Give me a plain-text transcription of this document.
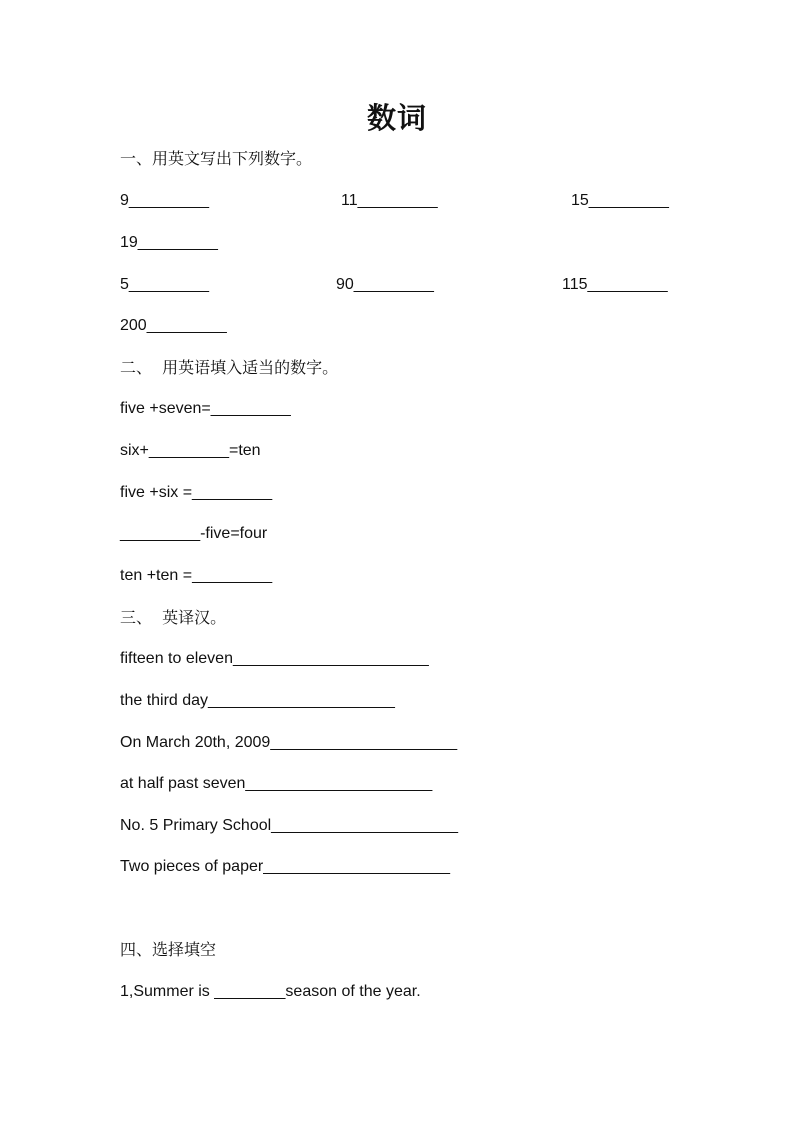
数词
一、用英文写出下列数字。
9_________	11_________	15_________
19_________
5_________	90_________	115_________
200_________
二、  用英语填入适当的数字。
five +seven=_________
six+_________=ten
five +six =_________
_________-five=four
ten +ten =_________
三、  英译汉。
fifteen to eleven______________________
the third day_____________________
On March 20th, 2009_____________________
at half past seven_____________________
No. 5 Primary School_____________________
Two pieces of paper_____________________
四、选择填空
1,Summer is ________season of the year.
